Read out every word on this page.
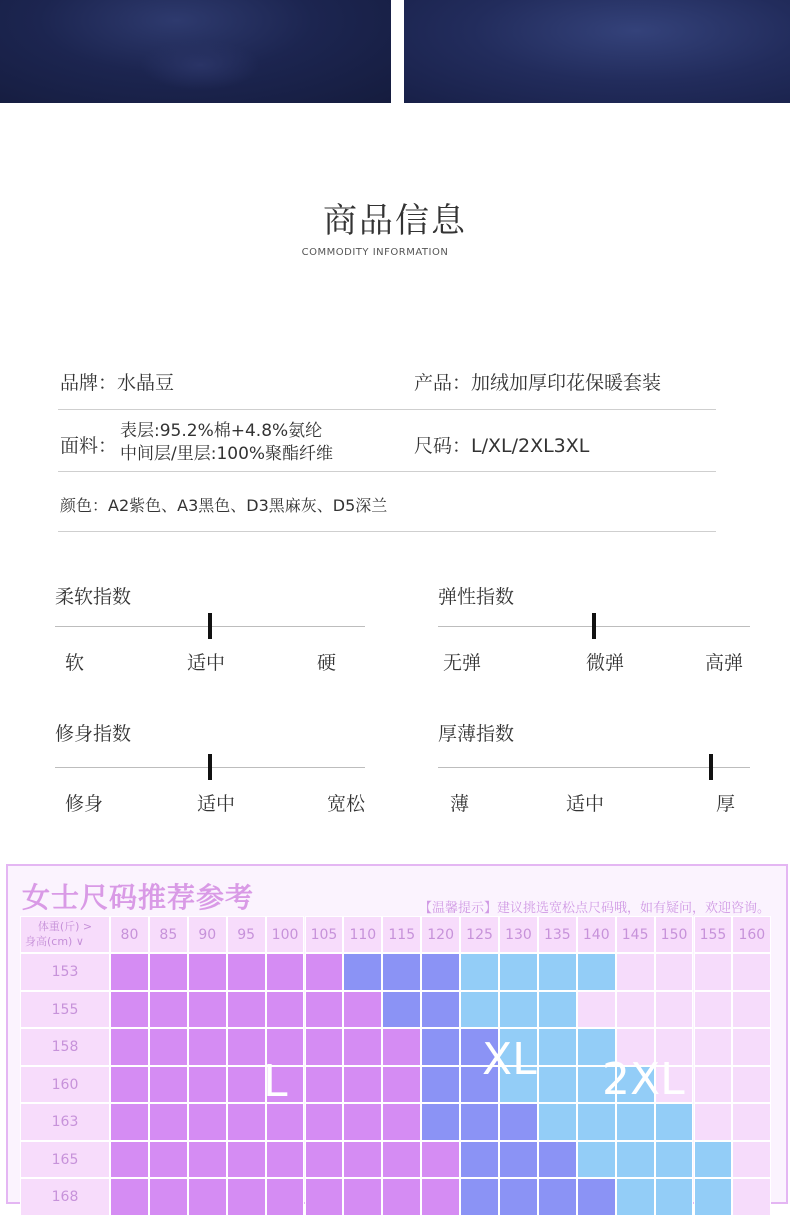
商品信息
COMMODITY INFORMATION
品牌：水晶豆	产品：加绒加厚印花保暖套装
面料：
表层:95.2%棉+4.8%氨纶
中间层/里层:100%聚酯纤维	尺码：L/XL/2XL3XL
颜色：A2紫色、A3黑色、D3黑麻灰、D5深兰
女士尺码推荐参考	【温馨提示】建议挑选宽松点尺码哦，如有疑问，欢迎咨询。
体重(斤) >
身高(cm) ∨	80	85	90	95	100 105 110 115 120 125 130 135 140 145 150 155 160
153
155
158
160
163
165
168
L	XL 2XL
柔软指数
软	适中	硬
弹性指数
无弹	微弹	高弹
修身指数
修身	适中	宽松
厚薄指数
薄	适中	厚
